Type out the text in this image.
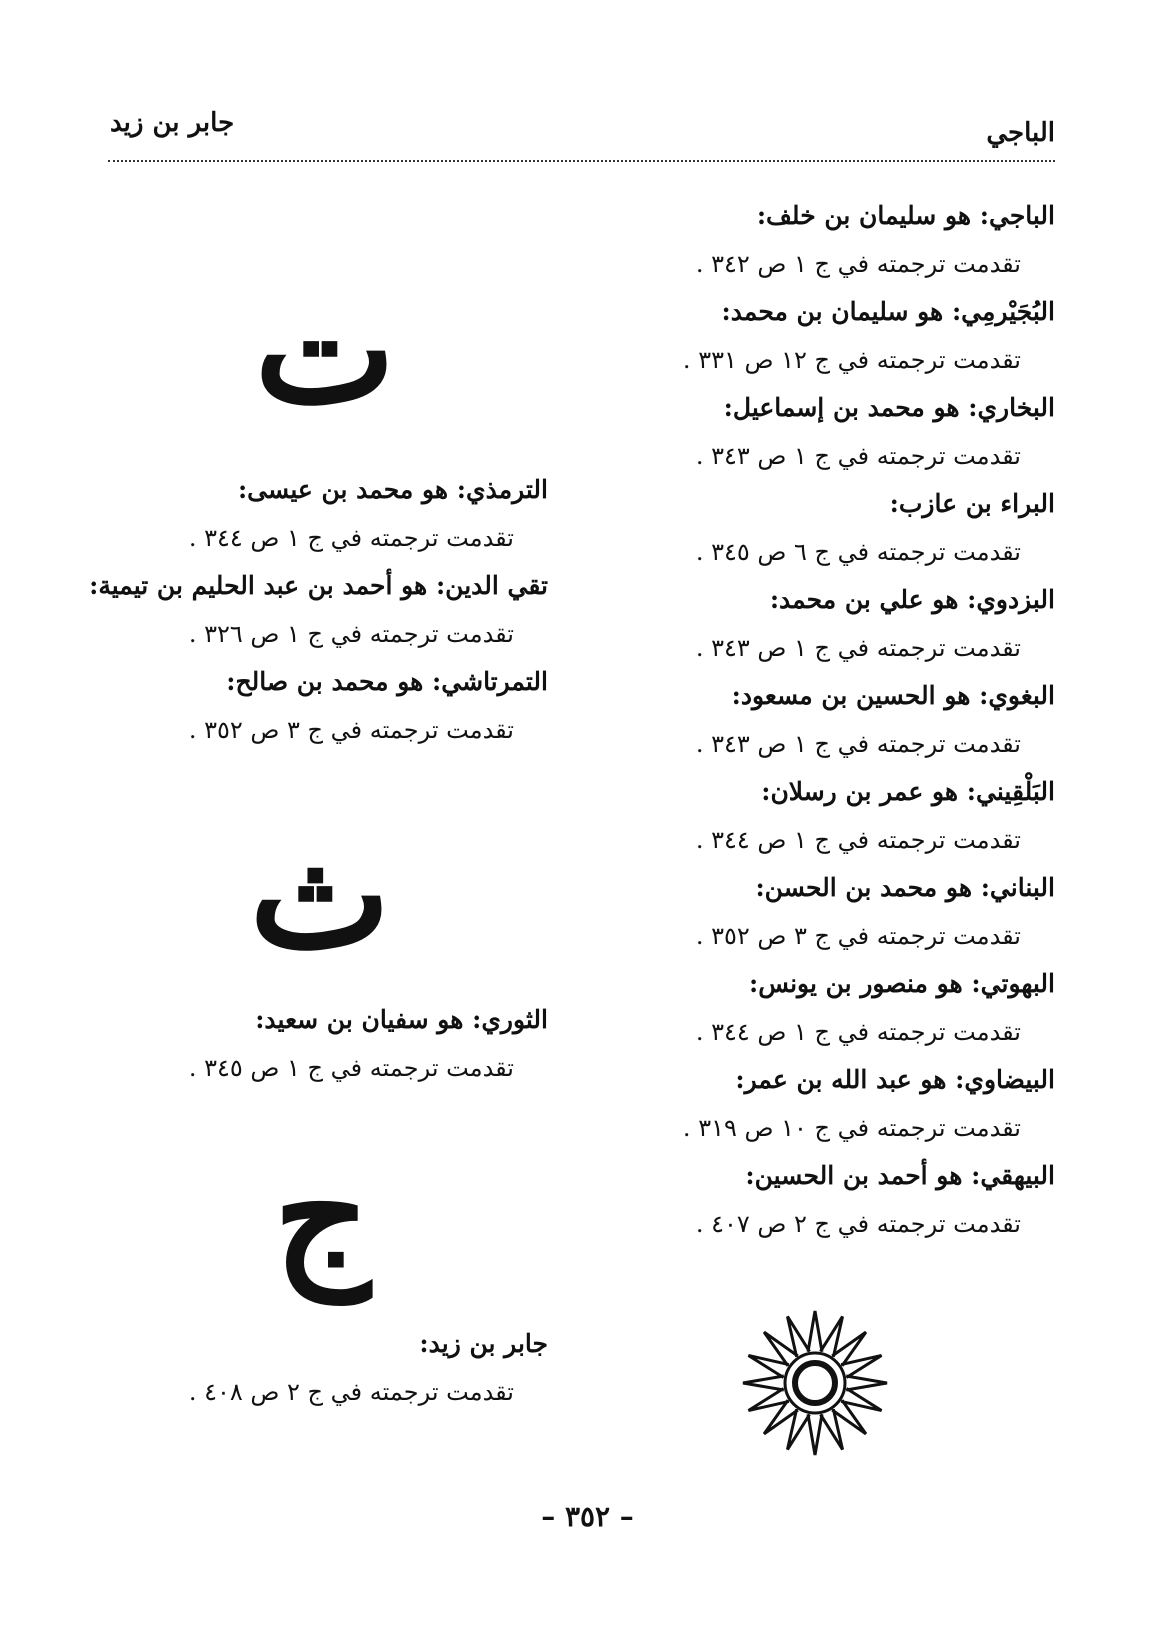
الباجي
جابر بن زيد
الباجي: هو سليمان بن خلف:
تقدمت ترجمته في ج ١ ص ٣٤٢ .
البُجَيْرمِي: هو سليمان بن محمد:
تقدمت ترجمته في ج ١٢ ص ٣٣١ .
البخاري: هو محمد بن إسماعيل:
تقدمت ترجمته في ج ١ ص ٣٤٣ .
البراء بن عازب:
تقدمت ترجمته في ج ٦ ص ٣٤٥ .
البزدوي: هو علي بن محمد:
تقدمت ترجمته في ج ١ ص ٣٤٣ .
البغوي: هو الحسين بن مسعود:
تقدمت ترجمته في ج ١ ص ٣٤٣ .
البَلْقِيني: هو عمر بن رسلان:
تقدمت ترجمته في ج ١ ص ٣٤٤ .
البناني: هو محمد بن الحسن:
تقدمت ترجمته في ج ٣ ص ٣٥٢ .
البهوتي: هو منصور بن يونس:
تقدمت ترجمته في ج ١ ص ٣٤٤ .
البيضاوي: هو عبد الله بن عمر:
تقدمت ترجمته في ج ١٠ ص ٣١٩ .
البيهقي: هو أحمد بن الحسين:
تقدمت ترجمته في ج ٢ ص ٤٠٧ .
ت
الترمذي: هو محمد بن عيسى:
تقدمت ترجمته في ج ١ ص ٣٤٤ .
تقي الدين: هو أحمد بن عبد الحليم بن تيمية:
تقدمت ترجمته في ج ١ ص ٣٢٦ .
التمرتاشي: هو محمد بن صالح:
تقدمت ترجمته في ج ٣ ص ٣٥٢ .
ث
الثوري: هو سفيان بن سعيد:
تقدمت ترجمته في ج ١ ص ٣٤٥ .
ج
جابر بن زيد:
تقدمت ترجمته في ج ٢ ص ٤٠٨ .
– ٣٥٢ –
